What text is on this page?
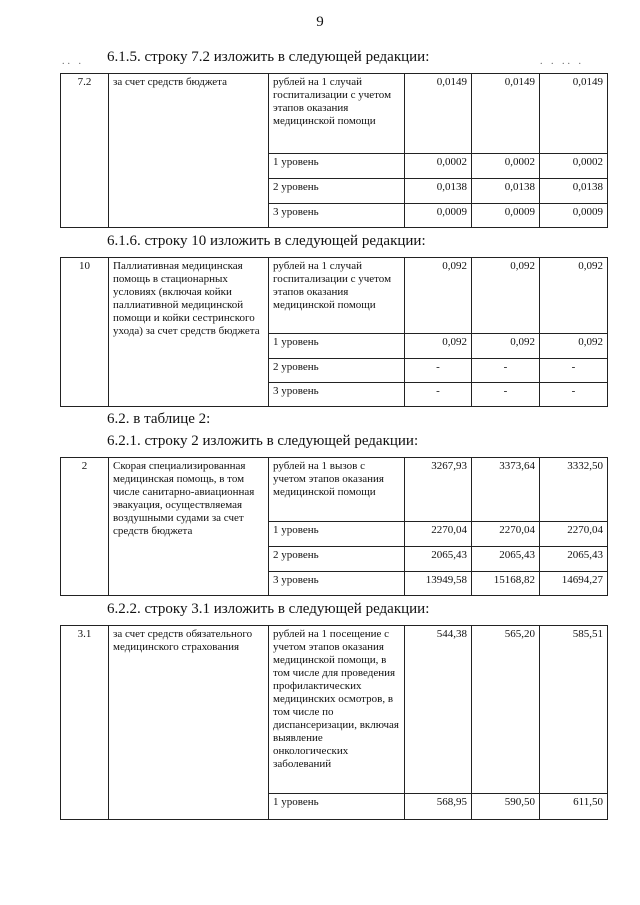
9
.. .	. . .. .
6.1.5. строку 7.2 изложить в следующей редакции:
7.2	за счет средств бюджета	рублей на 1 случай госпитализации с учетом этапов оказания медицинской помощи	0,0149	0,0149	0,0149
		1 уровень	0,0002	0,0002	0,0002
		2 уровень	0,0138	0,0138	0,0138
		3 уровень	0,0009	0,0009	0,0009
6.1.6. строку 10 изложить в следующей редакции:
10	Паллиативная медицинская помощь в стационарных условиях (включая койки паллиативной медицинской помощи и койки сестринского ухода) за счет средств бюджета	рублей на 1 случай госпитализации с учетом этапов оказания медицинской помощи	0,092	0,092	0,092
		1 уровень	0,092	0,092	0,092
		2 уровень	-	-	-
		3 уровень	-	-	-
6.2. в таблице 2:
6.2.1. строку 2 изложить в следующей редакции:
2	Скорая специализированная медицинская помощь, в том числе санитарно-авиационная эвакуация, осуществляемая воздушными судами за счет средств бюджета	рублей на 1 вызов с учетом этапов оказания медицинской помощи	3267,93	3373,64	3332,50
		1 уровень	2270,04	2270,04	2270,04
		2 уровень	2065,43	2065,43	2065,43
		3 уровень	13949,58	15168,82	14694,27
6.2.2. строку 3.1 изложить в следующей редакции:
3.1	за счет средств обязательного медицинского страхования	рублей на 1 посещение с учетом этапов оказания медицинской помощи, в том числе для проведения профилактических медицинских осмотров, в том числе по диспансеризации, включая выявление онкологических заболеваний	544,38	565,20	585,51
		1 уровень	568,95	590,50	611,50
